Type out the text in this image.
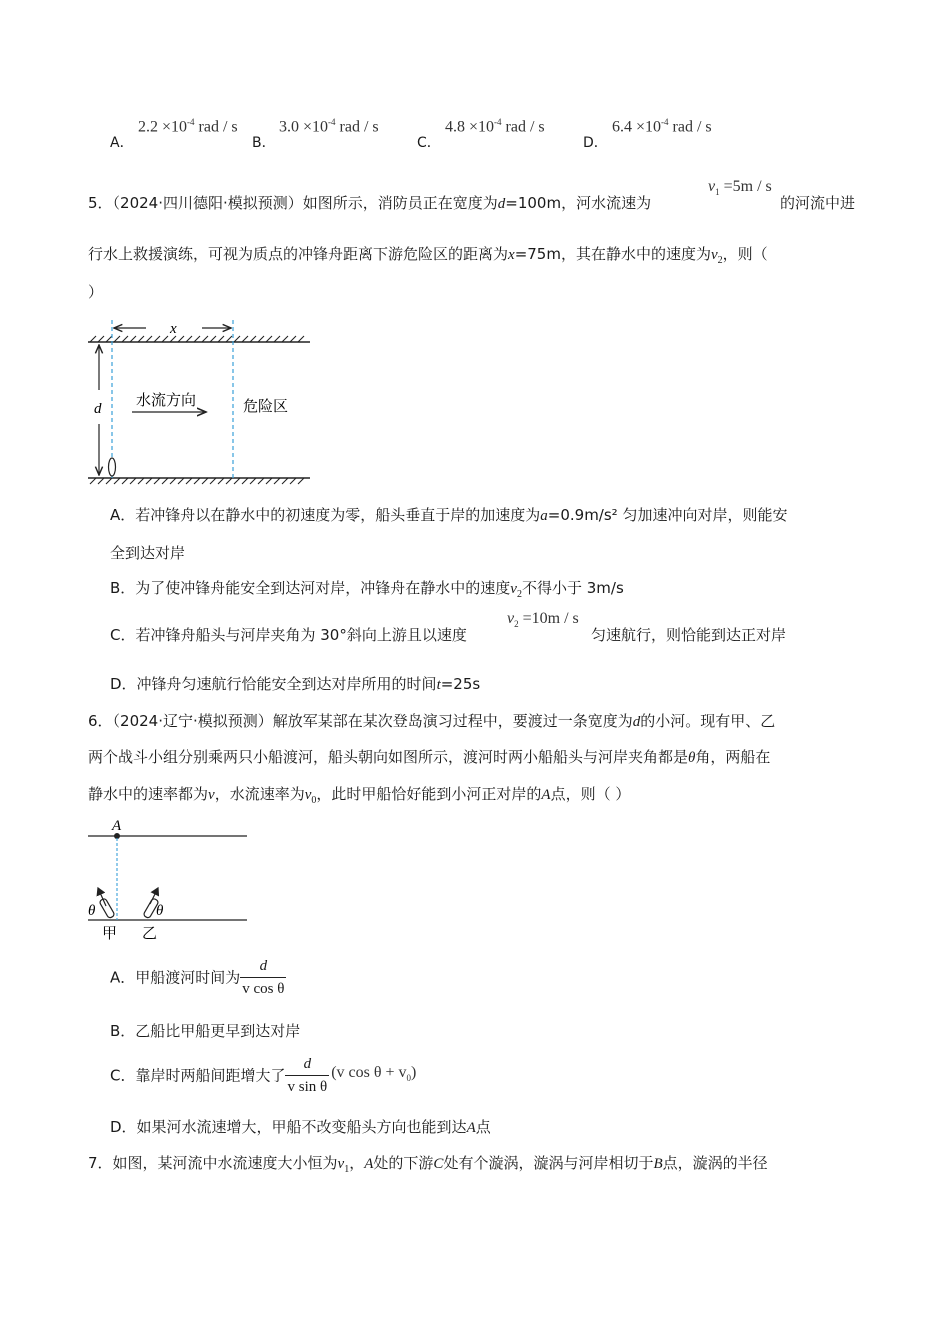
A．
$2.2 \times 10^{-4}$ rad / s
B．
$3.0 \times 10^{-4}$ rad / s
C．
$4.8 \times 10^{-4}$ rad / s
D．
$6.4 \times 10^{-4}$ rad / s
5．（2024·四川德阳·模拟预测）如图所示，消防员正在宽度为d=100m，河水流速为
$v_1 =5m / s$
的河流中进
行水上救援演练，可视为质点的冲锋舟距离下游危险区的距离为x=75m，其在静水中的速度为$v_2$，则（
）
x
d 水流方向	危险区
A．若冲锋舟以在静水中的初速度为零，船头垂直于岸的加速度为a=0.9m/s² 匀加速冲向对岸，则能安
全到达对岸
B．为了使冲锋舟能安全到达河对岸，冲锋舟在静水中的速度$v_2$不得小于 3m/s
C．若冲锋舟船头与河岸夹角为 30°斜向上游且以速度
$v_2 =10m / s$
匀速航行，则恰能到达正对岸
D．冲锋舟匀速航行恰能安全到达对岸所用的时间t=25s
6．（2024·辽宁·模拟预测）解放军某部在某次登岛演习过程中，要渡过一条宽度为d的小河。现有甲、乙
两个战斗小组分别乘两只小船渡河，船头朝向如图所示，渡河时两小船船头与河岸夹角都是θ角，两船在
静水中的速率都为v，水流速率为$v_0$，此时甲船恰好能到小河正对岸的A点，则（ ）
A
θ	θ
甲 乙
A．甲船渡河时间为 $\frac{d}{\text{v cos θ}}$
B．乙船比甲船更早到达对岸
C．靠岸时两船间距增大了 $\frac{d}{\text{v sin θ}} (v$ $\cos \theta + v_0$)
D．如果河水流速增大，甲船不改变船头方向也能到达A点
7．如图，某河流中水流速度大小恒为$v_1$，A处的下游C处有个漩涡，漩涡与河岸相切于B点，漩涡的半径
